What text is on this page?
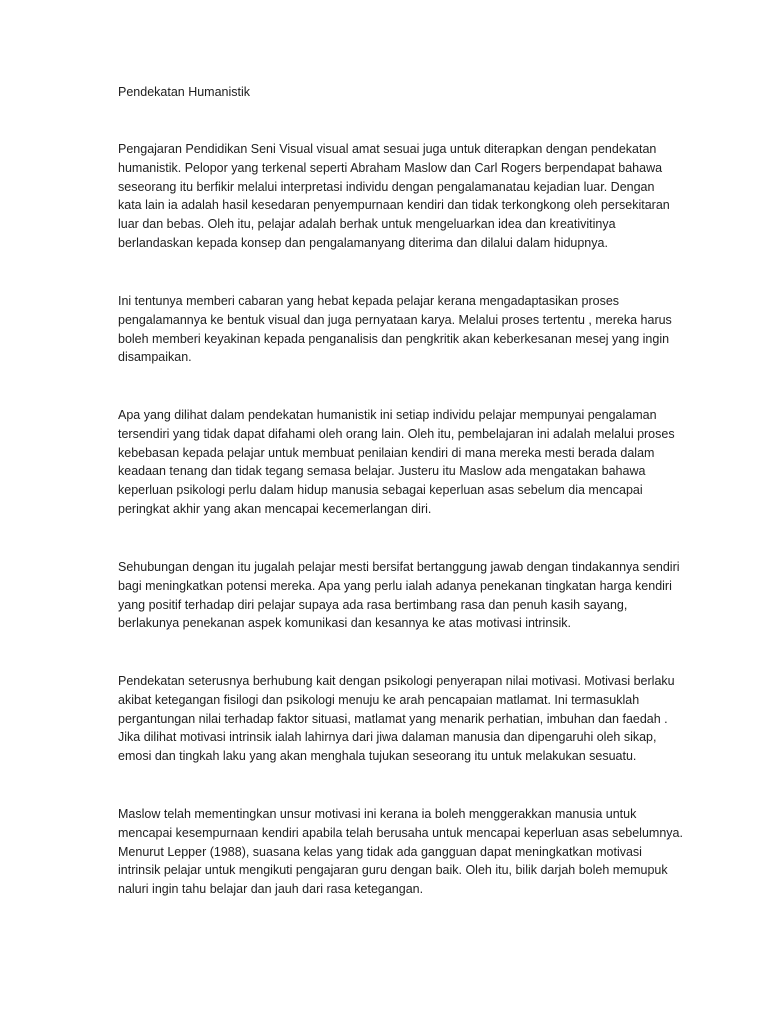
Pendekatan Humanistik

Pengajaran Pendidikan Seni Visual visual amat sesuai juga untuk diterapkan dengan pendekatan
humanistik. Pelopor yang terkenal seperti Abraham Maslow dan Carl Rogers berpendapat bahawa
seseorang itu berfikir melalui interpretasi individu dengan pengalamanatau kejadian luar. Dengan
kata lain ia adalah hasil kesedaran penyempurnaan kendiri dan tidak terkongkong oleh persekitaran
luar dan bebas. Oleh itu, pelajar adalah berhak untuk mengeluarkan idea dan kreativitinya
berlandaskan kepada konsep dan pengalamanyang diterima dan dilalui dalam hidupnya.

Ini tentunya memberi cabaran yang hebat kepada pelajar kerana mengadaptasikan proses
pengalamannya ke bentuk visual dan juga pernyataan karya. Melalui proses tertentu , mereka harus
boleh memberi keyakinan kepada penganalisis dan pengkritik akan keberkesanan mesej yang ingin
disampaikan.

Apa yang dilihat dalam pendekatan humanistik ini setiap individu pelajar mempunyai pengalaman
tersendiri yang tidak dapat difahami oleh orang lain. Oleh itu, pembelajaran ini adalah melalui proses
kebebasan kepada pelajar untuk membuat penilaian kendiri di mana mereka mesti berada dalam
keadaan tenang dan tidak tegang semasa belajar. Justeru itu Maslow ada mengatakan bahawa
keperluan psikologi perlu dalam hidup manusia sebagai keperluan asas sebelum dia mencapai
peringkat akhir yang akan mencapai kecemerlangan diri.

Sehubungan dengan itu jugalah pelajar mesti bersifat bertanggung jawab dengan tindakannya sendiri
bagi meningkatkan potensi mereka. Apa yang perlu ialah adanya penekanan tingkatan harga kendiri
yang positif terhadap diri pelajar supaya ada rasa bertimbang rasa dan penuh kasih sayang,
berlakunya penekanan aspek komunikasi dan kesannya ke atas motivasi intrinsik.

Pendekatan seterusnya berhubung kait dengan psikologi penyerapan nilai motivasi. Motivasi berlaku
akibat ketegangan fisilogi dan psikologi menuju ke arah pencapaian matlamat. Ini termasuklah
pergantungan nilai terhadap faktor situasi, matlamat yang menarik perhatian, imbuhan dan faedah .
Jika dilihat motivasi intrinsik ialah lahirnya dari jiwa dalaman manusia dan dipengaruhi oleh sikap,
emosi dan tingkah laku yang akan menghala tujukan seseorang itu untuk melakukan sesuatu.

Maslow telah mementingkan unsur motivasi ini kerana ia boleh menggerakkan manusia untuk
mencapai kesempurnaan kendiri apabila telah berusaha untuk mencapai keperluan asas sebelumnya.
Menurut Lepper (1988), suasana kelas yang tidak ada gangguan dapat meningkatkan motivasi
intrinsik pelajar untuk mengikuti pengajaran guru dengan baik. Oleh itu, bilik darjah boleh memupuk
naluri ingin tahu belajar dan jauh dari rasa ketegangan.
